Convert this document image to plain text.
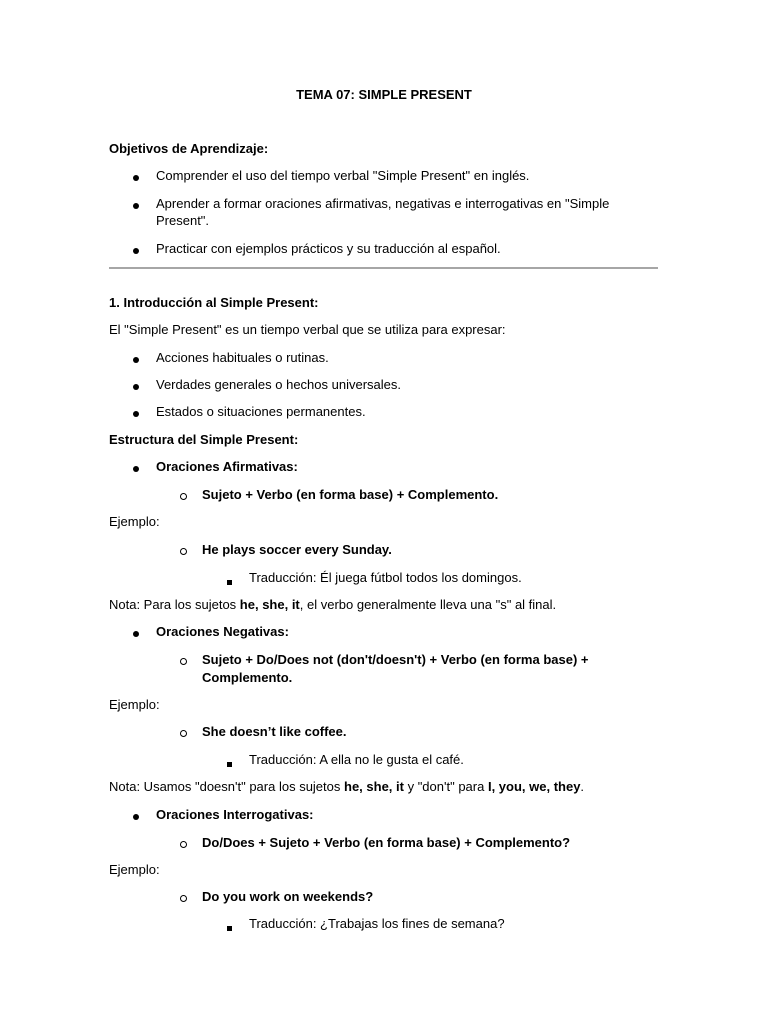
TEMA 07: SIMPLE PRESENT
Objetivos de Aprendizaje:
Comprender el uso del tiempo verbal "Simple Present" en inglés.
Aprender a formar oraciones afirmativas, negativas e interrogativas en "Simple
Present".
Practicar con ejemplos prácticos y su traducción al español.
1. Introducción al Simple Present:
El "Simple Present" es un tiempo verbal que se utiliza para expresar:
Acciones habituales o rutinas.
Verdades generales o hechos universales.
Estados o situaciones permanentes.
Estructura del Simple Present:
Oraciones Afirmativas:
Sujeto + Verbo (en forma base) + Complemento.
Ejemplo:
He plays soccer every Sunday.
Traducción: Él juega fútbol todos los domingos.
Nota: Para los sujetos he, she, it, el verbo generalmente lleva una "s" al final.
Oraciones Negativas:
Sujeto + Do/Does not (don't/doesn't) + Verbo (en forma base) +
Complemento.
Ejemplo:
She doesn’t like coffee.
Traducción: A ella no le gusta el café.
Nota: Usamos "doesn't" para los sujetos he, she, it y "don't" para I, you, we, they.
Oraciones Interrogativas:
Do/Does + Sujeto + Verbo (en forma base) + Complemento?
Ejemplo:
Do you work on weekends?
Traducción: ¿Trabajas los fines de semana?
